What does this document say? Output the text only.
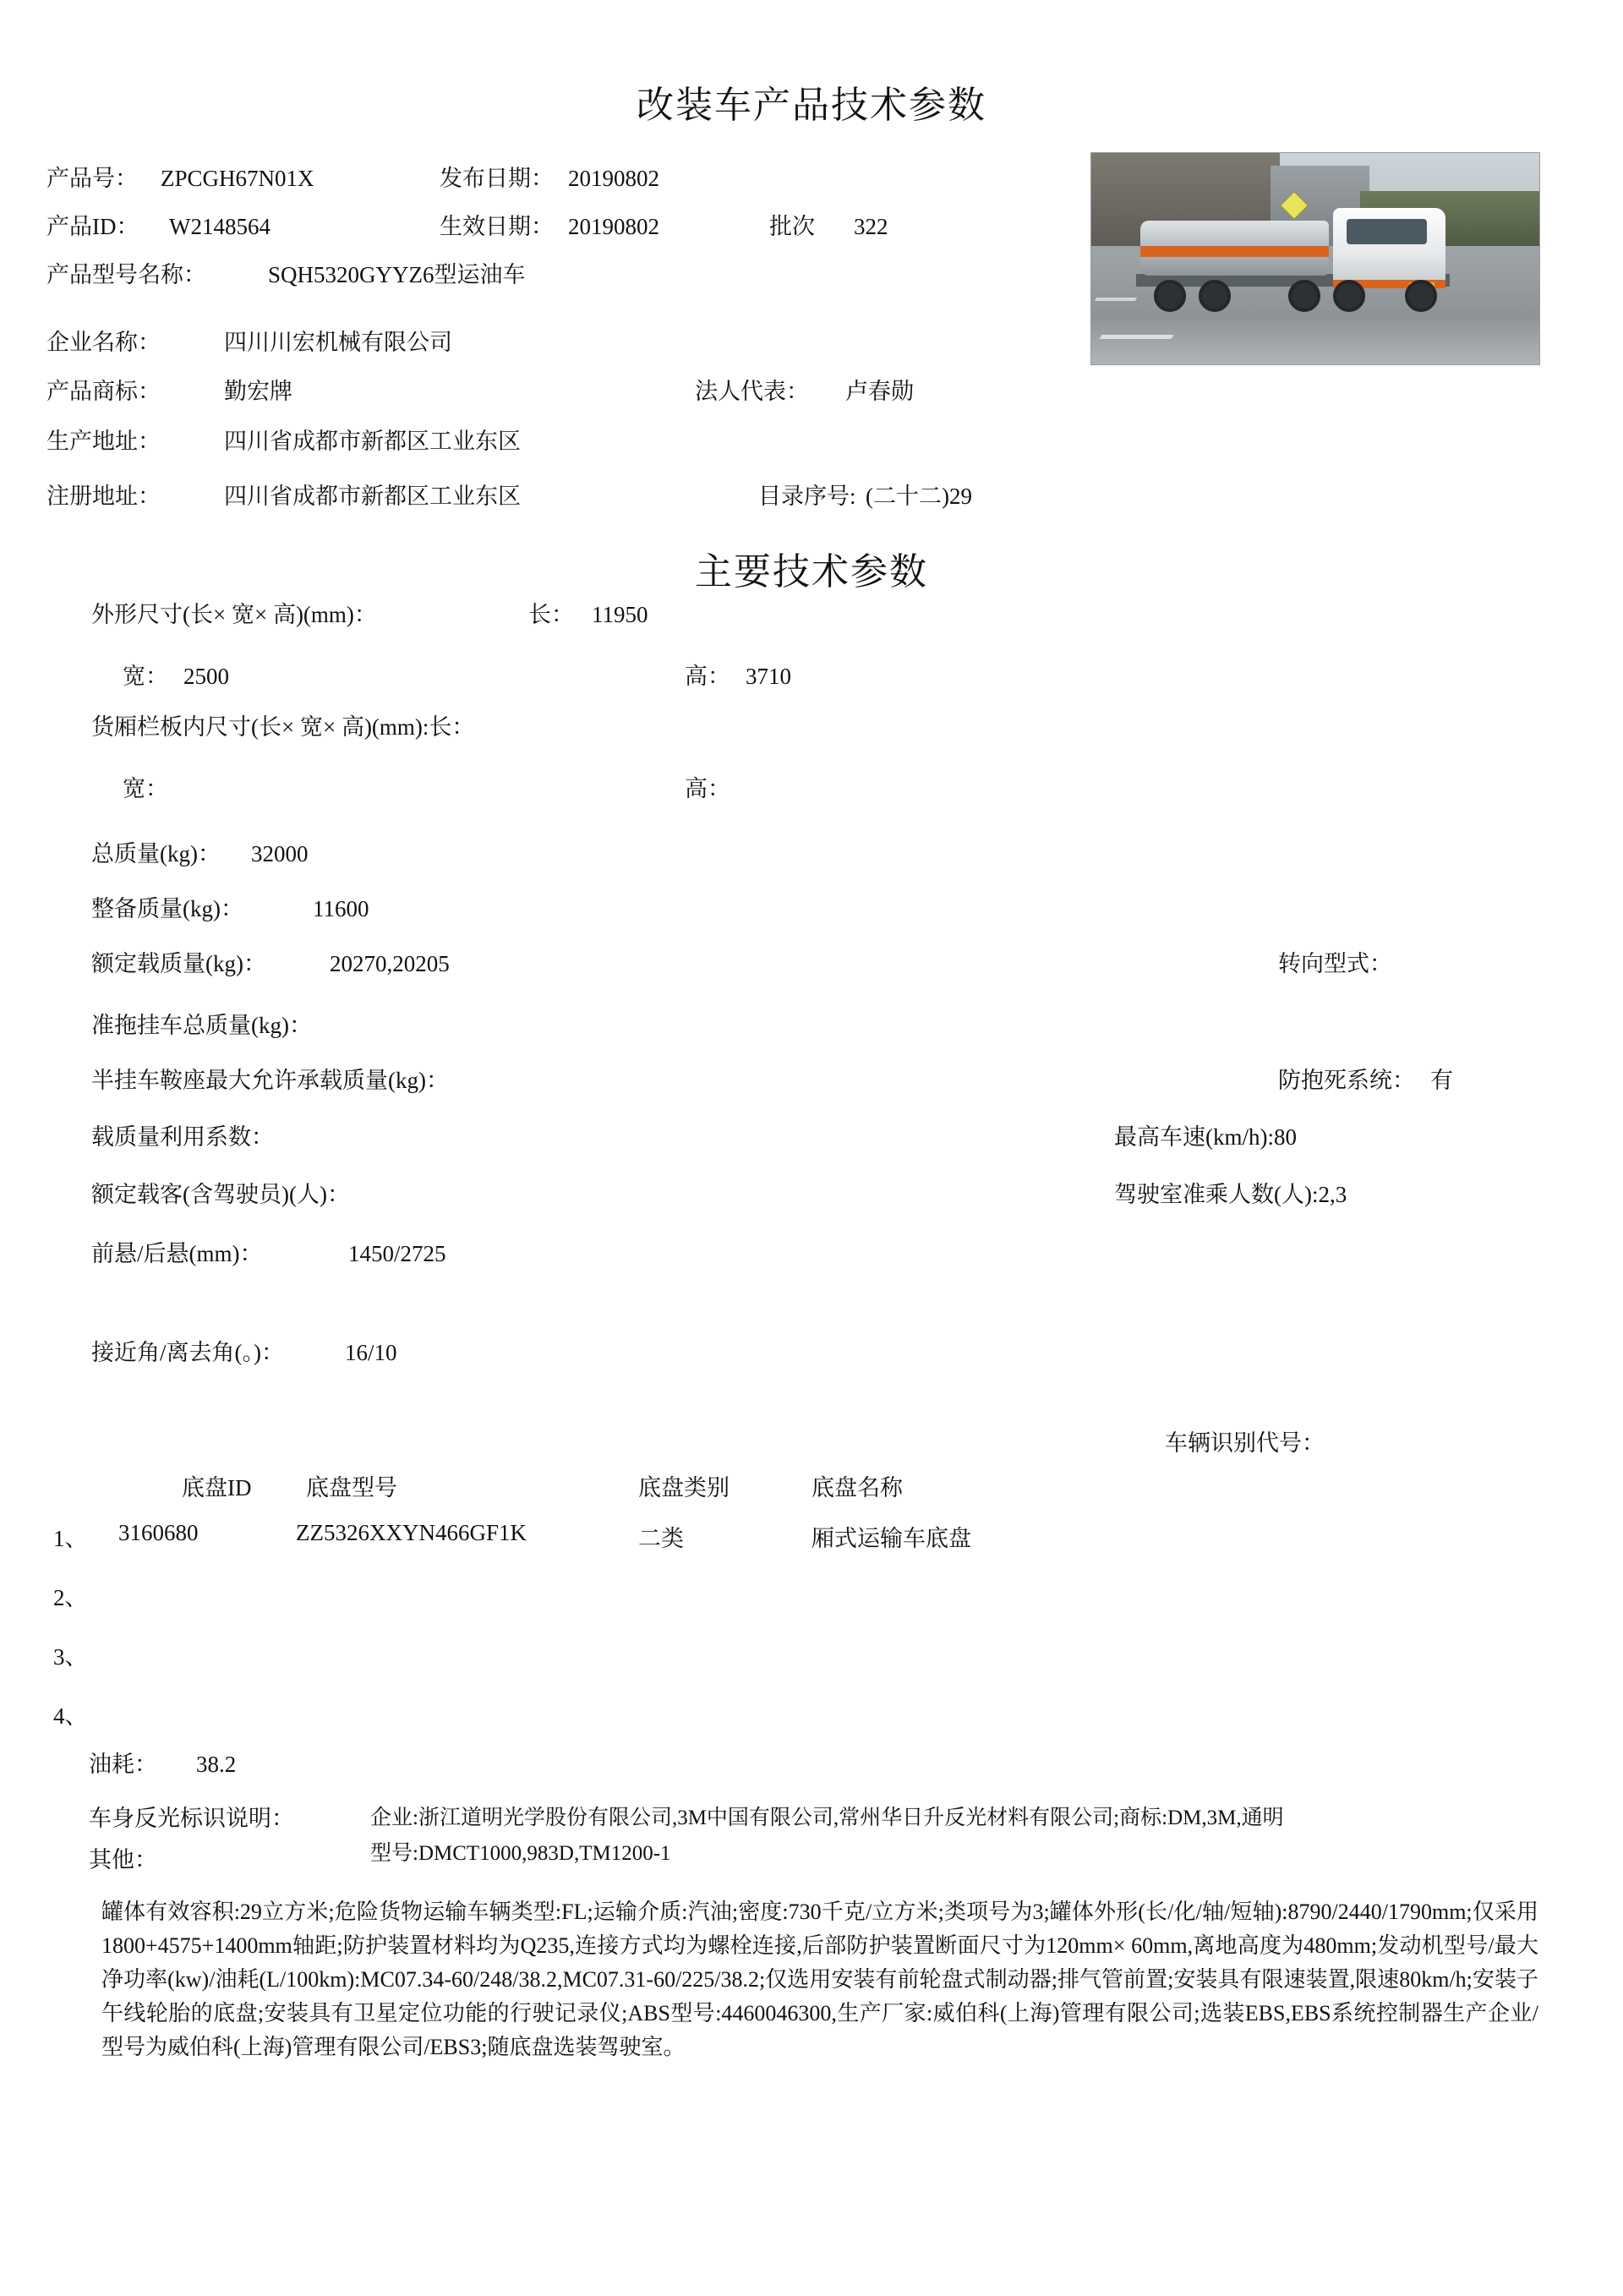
改装车产品技术参数
产品号： ZPCGH67N01X	发布日期： 20190802
产品ID： W2148564	生效日期： 20190802	批次 322
产品型号名称：	SQH5320GYYZ6型运油车
企业名称：	四川川宏机械有限公司
产品商标：	勤宏牌	法人代表： 卢春勋
生产地址：	四川省成都市新都区工业东区
注册地址：	四川省成都市新都区工业东区	目录序号: (二十二)29
主要技术参数
外形尺寸(长× 宽× 高)(mm)：	长： 11950
宽： 2500	高： 3710
货厢栏板内尺寸(长× 宽× 高)(mm):长：
宽：	高：
总质量(kg)： 32000
整备质量(kg)：	11600
额定载质量(kg)：	20270,20205	转向型式：
准拖挂车总质量(kg)：
半挂车鞍座最大允许承载质量(kg)：	防抱死系统： 有
载质量利用系数：	最高车速(km/h):80
额定载客(含驾驶员)(人)：	驾驶室准乘人数(人):2,3
前悬/后悬(mm)：	1450/2725
接近角/离去角(。)：	16/10
车辆识别代号：
底盘ID 底盘型号	底盘类别	底盘名称
1、 3160680	ZZ5326XXYN466GF1K	二类	厢式运输车底盘
2、
3、
4、
油耗： 38.2
车身反光标识说明：	企业:浙江道明光学股份有限公司,3M中国有限公司,常州华日升反光材料有限公司;商标:DM,3M,通明
型号:DMCT1000,983D,TM1200-1
其他：
罐体有效容积:29立方米;危险货物运输车辆类型:FL;运输介质:汽油;密度:730千克/立方米;类项号为3;罐体外形(长/化/轴/短轴):8790/2440/1790mm;仅采用1800+4575+1400mm轴距;防护装置材料均为Q235,连接方式均为螺栓连接,后部防护装置断面尺寸为120mm× 60mm,离地高度为480mm;发动机型号/最大净功率(kw)/油耗(L/100km):MC07.34-60/248/38.2,MC07.31-60/225/38.2;仅选用安装有前轮盘式制动器;排气管前置;安装具有限速装置,限速80km/h;安装子午线轮胎的底盘;安装具有卫星定位功能的行驶记录仪;ABS型号:4460046300,生产厂家:威伯科(上海)管理有限公司;选装EBS,EBS系统控制器生产企业/型号为威伯科(上海)管理有限公司/EBS3;随底盘选装驾驶室。
